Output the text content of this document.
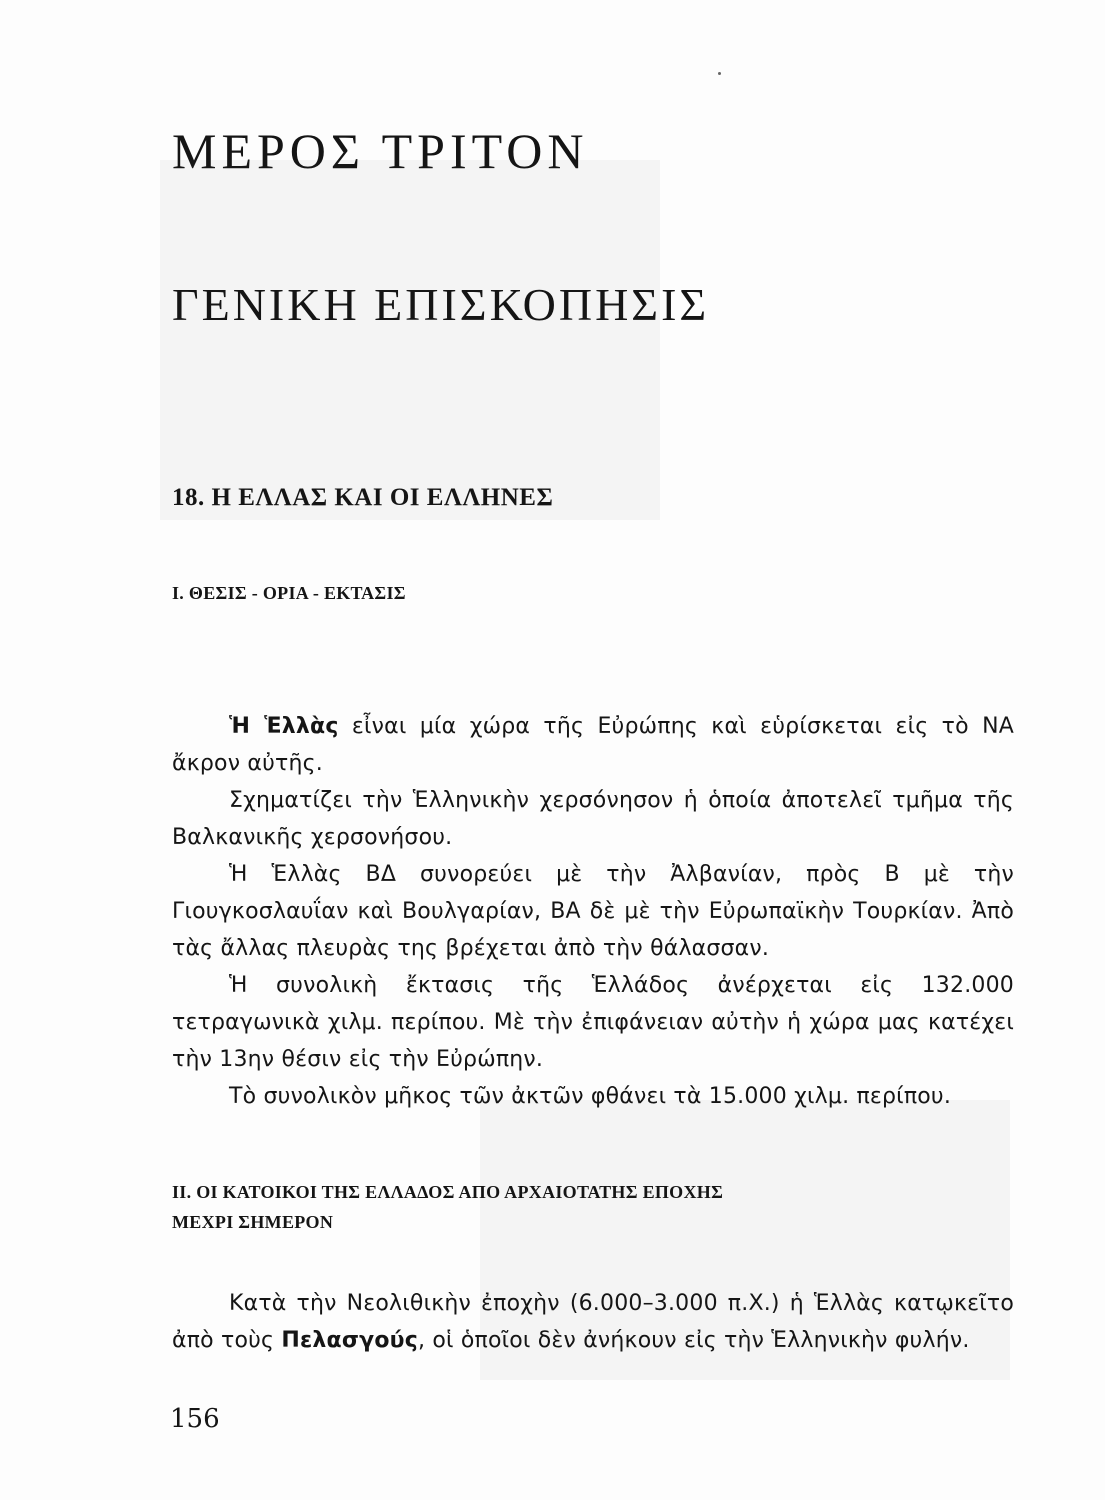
ΜΕΡΟΣ ΤΡΙΤΟΝ
ΓΕΝΙΚΗ ΕΠΙΣΚΟΠΗΣΙΣ
18. Η ΕΛΛΑΣ ΚΑΙ ΟΙ ΕΛΛΗΝΕΣ
Ι. ΘΕΣΙΣ - ΟΡΙΑ - ΕΚΤΑΣΙΣ

Ἡ Ἑλλὰς εἶναι μία χώρα τῆς Εὐρώπης καὶ εὑρίσκεται εἰς τὸ ΝΑ ἄκρον αὐτῆς.

Σχηματίζει τὴν Ἑλληνικὴν χερσόνησον ἡ ὁποία ἀποτελεῖ τμῆμα τῆς Βαλκανικῆς χερσονήσου.

Ἡ Ἑλλὰς ΒΔ συνορεύει μὲ τὴν Ἀλβανίαν, πρὸς Β μὲ τὴν Γιουγκοσλαυΐαν καὶ Βουλγαρίαν, ΒΑ δὲ μὲ τὴν Εὐρωπαϊκὴν Τουρκίαν. Ἀπὸ τὰς ἄλλας πλευρὰς της βρέχεται ἀπὸ τὴν θάλασσαν.

Ἡ συνολικὴ ἔκτασις τῆς Ἑλλάδος ἀνέρχεται εἰς 132.000 τετραγωνικὰ χιλμ. περίπου. Μὲ τὴν ἐπιφάνειαν αὐτὴν ἡ χώρα μας κατέχει τὴν 13ην θέσιν εἰς τὴν Εὐρώπην.

Τὸ συνολικὸν μῆκος τῶν ἀκτῶν φθάνει τὰ 15.000 χιλμ. περίπου.

ΙΙ. ΟΙ ΚΑΤΟΙΚΟΙ ΤΗΣ ΕΛΛΑΔΟΣ ΑΠΟ ΑΡΧΑΙΟΤΑΤΗΣ ΕΠΟΧΗΣ
ΜΕΧΡΙ ΣΗΜΕΡΟΝ

Κατὰ τὴν Νεολιθικὴν ἐποχὴν (6.000–3.000 π.Χ.) ἡ Ἑλλὰς κατῳκεῖτο ἀπὸ τοὺς Πελασγούς, οἱ ὁποῖοι δὲν ἀνήκουν εἰς τὴν Ἑλληνικὴν φυλήν.

156
